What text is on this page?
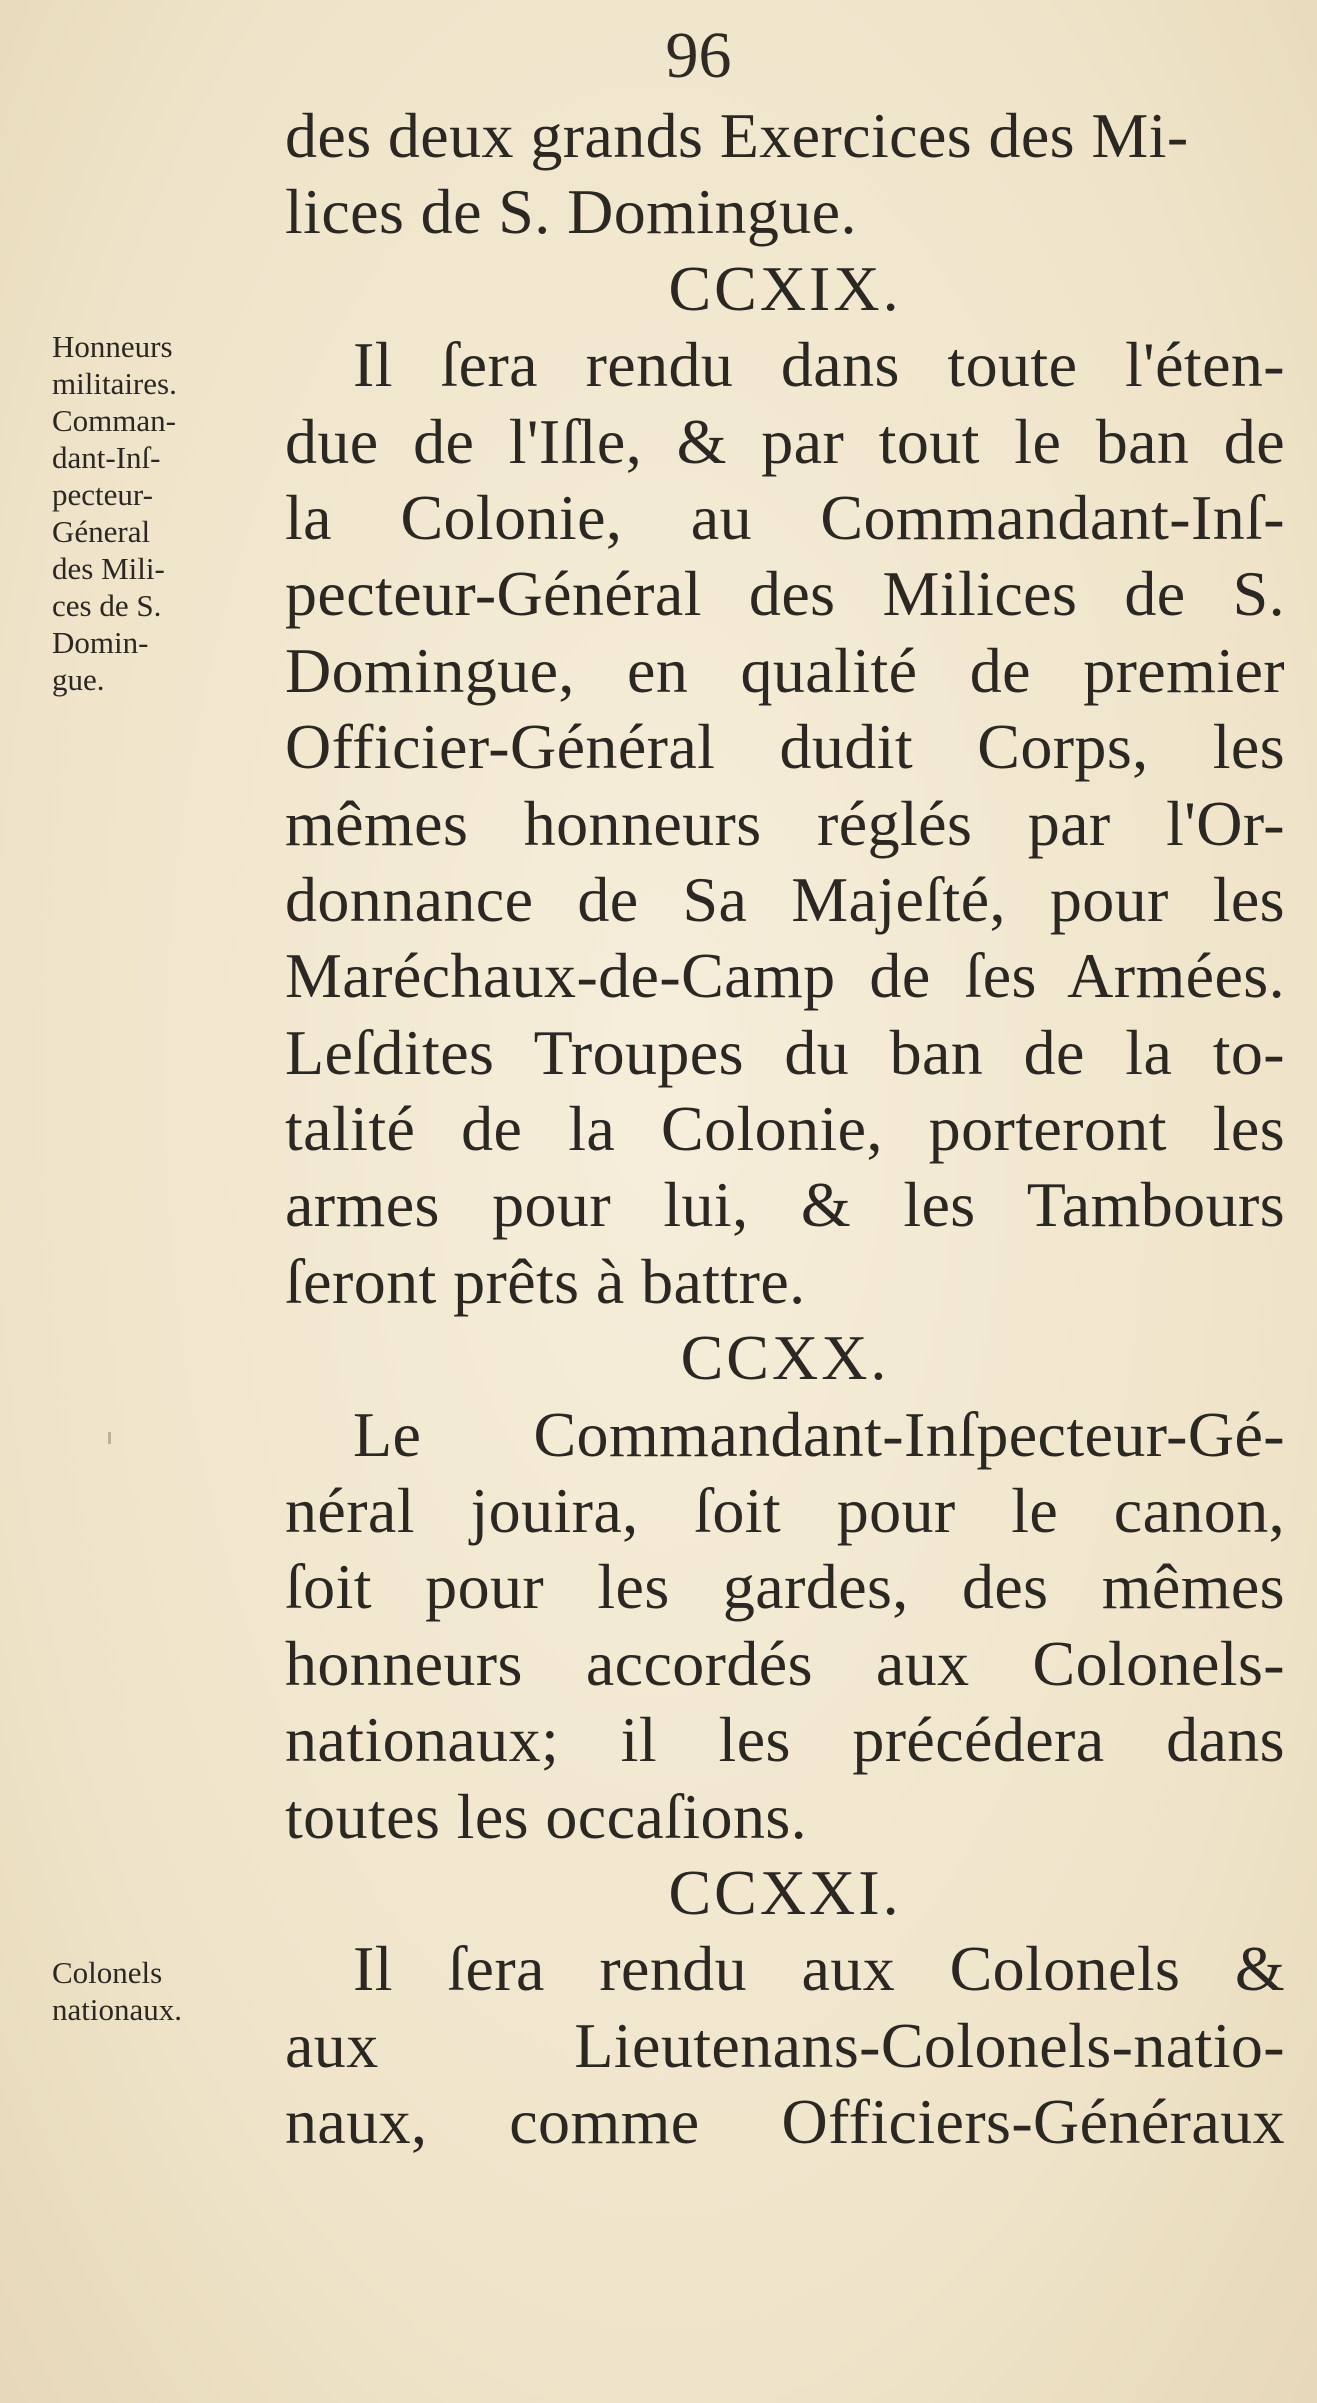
96
des deux grands Exercices des Mi-
lices de S. Domingue.
CCXIX.
Il ſera rendu dans toute l'éten-
due de l'Iſle, & par tout le ban de
la Colonie, au Commandant-Inſ-
pecteur-Général des Milices de S.
Domingue, en qualité de premier
Officier-Général dudit Corps, les
mêmes honneurs réglés par l'Or-
donnance de Sa Majeſté, pour les
Maréchaux-de-Camp de ſes Armées.
Leſdites Troupes du ban de la to-
talité de la Colonie, porteront les
armes pour lui, & les Tambours
ſeront prêts à battre.
CCXX.
Le Commandant-Inſpecteur-Gé-
néral jouira, ſoit pour le canon,
ſoit pour les gardes, des mêmes
honneurs accordés aux Colonels-
nationaux; il les précédera dans
toutes les occaſions.
CCXXI.
Il ſera rendu aux Colonels &
aux Lieutenans-Colonels-natio-
naux, comme Officiers-Généraux
Honneurs
militaires.
Comman-
dant-Inſ-
pecteur-
Géneral
des Mili-
ces de S.
Domin-
gue.
Colonels
nationaux.
